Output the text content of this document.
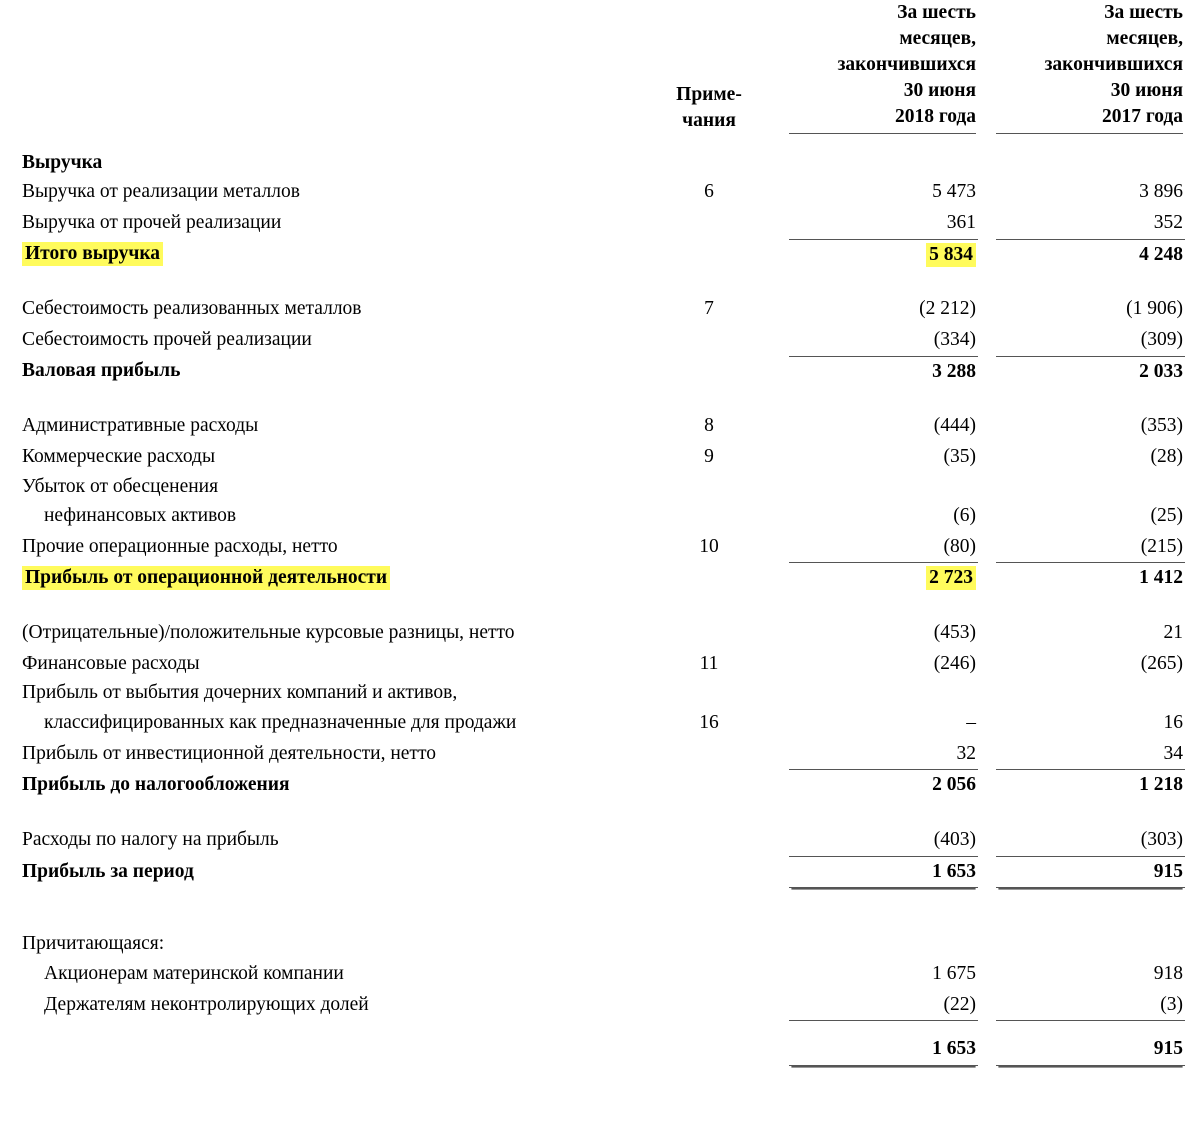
	Приме-
чания		За шесть
месяцев,
закончившихся
30 июня
2018 года		За шесть
месяцев,
закончившихся
30 июня
2017 года

Выручка						
Выручка от реализации металлов	6		5 473		3 896	
Выручка от прочей реализации			361		352	
Итого выручка			5 834		4 248	

Себестоимость реализованных металлов	7		(2 212)		(1 906)	
Себестоимость прочей реализации			(334)		(309)	
Валовая прибыль			3 288		2 033	

Административные расходы	8		(444)		(353)	
Коммерческие расходы	9		(35)		(28)	
Убыток от обесценения						
нефинансовых активов			(6)		(25)	
Прочие операционные расходы, нетто	10		(80)		(215)	
Прибыль от операционной деятельности			2 723		1 412	

(Отрицательные)/положительные курсовые разницы, нетто			(453)		21	
Финансовые расходы	11		(246)		(265)	
Прибыль от выбытия дочерних компаний и активов,						
классифицированных как предназначенные для продажи	16		–		16	
Прибыль от инвестиционной деятельности, нетто			32		34	
Прибыль до налогообложения			2 056		1 218	

Расходы по налогу на прибыль			(403)		(303)	
Прибыль за период			1 653		915	

Причитающаяся:						
Акционерам материнской компании			1 675		918	
Держателям неконтролирующих долей			(22)		(3)	

			1 653		915	
